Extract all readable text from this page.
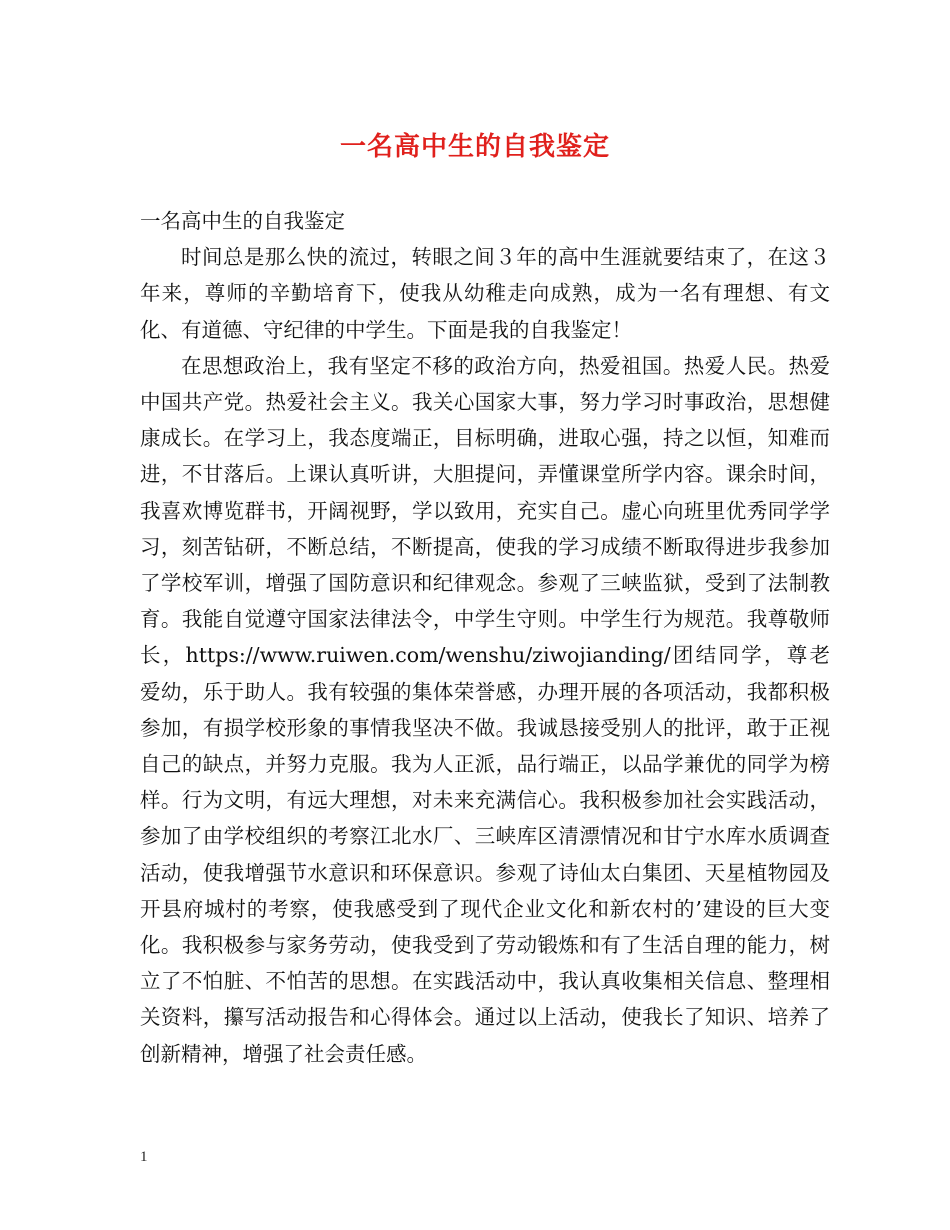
一名高中生的自我鉴定

一名高中生的自我鉴定

时间总是那么快的流过，转眼之间３年的高中生涯就要结束了，在这３年来，尊师的辛勤培育下，使我从幼稚走向成熟，成为一名有理想、有文化、有道德、守纪律的中学生。下面是我的自我鉴定！

在思想政治上，我有坚定不移的政治方向，热爱祖国。热爱人民。热爱中国共产党。热爱社会主义。我关心国家大事，努力学习时事政治，思想健康成长。在学习上，我态度端正，目标明确，进取心强，持之以恒，知难而进，不甘落后。上课认真听讲，大胆提问，弄懂课堂所学内容。课余时间，我喜欢博览群书，开阔视野，学以致用，充实自己。虚心向班里优秀同学学习，刻苦钻研，不断总结，不断提高，使我的学习成绩不断取得进步我参加了学校军训，增强了国防意识和纪律观念。参观了三峡监狱，受到了法制教育。我能自觉遵守国家法律法令，中学生守则。中学生行为规范。我尊敬师长，https://www.ruiwen.com/wenshu/ziwojianding/团结同学，尊老爱幼，乐于助人。我有较强的集体荣誉感，办理开展的各项活动，我都积极参加，有损学校形象的事情我坚决不做。我诚恳接受别人的批评，敢于正视自己的缺点，并努力克服。我为人正派，品行端正，以品学兼优的同学为榜样。行为文明，有远大理想，对未来充满信心。我积极参加社会实践活动，参加了由学校组织的考察江北水厂、三峡库区清漂情况和甘宁水库水质调查活动，使我增强节水意识和环保意识。参观了诗仙太白集团、天星植物园及开县府城村的考察，使我感受到了现代企业文化和新农村的’建设的巨大变化。我积极参与家务劳动，使我受到了劳动锻炼和有了生活自理的能力，树立了不怕脏、不怕苦的思想。在实践活动中，我认真收集相关信息、整理相关资料，攥写活动报告和心得体会。通过以上活动，使我长了知识、培养了创新精神，增强了社会责任感。

1
